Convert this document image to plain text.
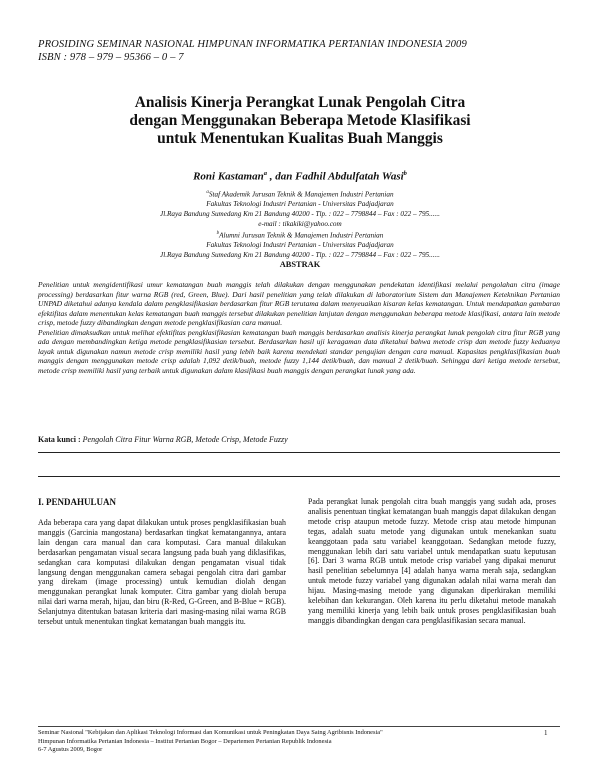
PROSIDING SEMINAR NASIONAL HIMPUNAN INFORMATIKA PERTANIAN INDONESIA 2009
ISBN : 978 – 979 – 95366 – 0 – 7
Analisis Kinerja Perangkat Lunak Pengolah Citra
dengan Menggunakan Beberapa Metode Klasifikasi
untuk Menentukan Kualitas Buah Manggis
Roni Kastaman$^a$ , dan Fadhil Abdulfatah Wasi$^b$
$^a$Staf Akademik Jurusan Teknik & Manajemen Industri Pertanian
Fakultas Teknologi Industri Pertanian - Universitas Padjadjaran
Jl.Raya Bandung Sumedang Km 21 Bandung 40200 - Tlp. : 022 – 7798844 – Fax : 022 – 795......
e-mail : tikakiki@yahoo.com
$^b$Alumni Jurusan Teknik & Manajemen Industri Pertanian
Fakultas Teknologi Industri Pertanian - Universitas Padjadjaran
Jl.Raya Bandung Sumedang Km 21 Bandung 40200 - Tlp. : 022 – 7798844 – Fax : 022 – 795......
ABSTRAK

Penelitian untuk mengidentifikasi umur kematangan buah manggis telah dilakukan dengan menggunakan pendekatan identifikasi melalui pengolahan citra (image processing) berdasarkan fitur warna RGB (red, Green, Blue). Dari hasil penelitian yang telah dilakukan di laboratorium Sistem dan Manajemen Keteknikan Pertanian UNPAD diketahui adanya kendala dalam pengklasifikasian berdasarkan fitur RGB terutama dalam menyeuaikan kisaran kelas kematangan. Untuk mendapatkan gambaran efektifitas dalam menentukan kelas kematangan buah manggis tersebut dilakukan penelitian lanjutan dengan menggunakan beberapa metode klasifikasi, antara lain metode crisp, metode fuzzy dibandingkan dengan metode pengklasifikasian cara manual.

Penelitian dimaksudkan untuk melihat efektifitas pengklasifikasian kematangan buah manggis berdasarkan analisis kinerja perangkat lunak pengolah citra fitur RGB yang ada dengan membandingkan ketiga metode pengklasifikasian tersebut. Berdasarkan hasil uji keragaman data diketahui bahwa metode crisp dan metode fuzzy keduanya layak untuk digunakan namun metode crisp memiliki hasil yang lebih baik karena mendekati standar pengujian dengan cara manual. Kapasitas pengklasifikasian buah manggis dengan menggunakan metode crisp adalah 1,092 detik/buah, metode fuzzy 1,144 detik/buah, dan manual 2 detik/buah. Sehingga dari ketiga metode tersebut, metode crisp memiliki hasil yang terbaik untuk digunakan dalam klasifikasi buah manggis dengan perangkat lunak yang ada.

Kata kunci : Pengolah Citra Fitur Warna RGB, Metode Crisp, Metode Fuzzy
I. PENDAHULUAN

Ada beberapa cara yang dapat dilakukan untuk proses pengklasifikasian buah manggis (Garcinia mangostana) berdasarkan tingkat kematangannya, antara lain dengan cara manual dan cara komputasi. Cara manual dilakukan berdasarkan pengamatan visual secara langsung pada buah yang diklasifikas, sedangkan cara komputasi dilakukan dengan pengamatan visual tidak langsung dengan menggunakan camera sebagai pengolah citra dari gambar yang direkam (image processing) untuk kemudian diolah dengan menggunakan perangkat lunak komputer. Citra gambar yang diolah berupa nilai dari warna merah, hijau, dan biru (R-Red, G-Green, and B-Blue = RGB). Selanjutnya ditentukan batasan kriteria dari masing-masing nilai warna RGB tersebut untuk menentukan tingkat kematangan buah manggis itu.

Pada perangkat lunak pengolah citra buah manggis yang sudah ada, proses analisis penentuan tingkat kematangan buah manggis dapat dilakukan dengan metode crisp ataupun metode fuzzy. Metode crisp atau metode himpunan tegas, adalah suatu metode yang digunakan untuk menekankan suatu keanggotaan pada satu variabel keanggotaan. Sedangkan metode fuzzy, menggunakan lebih dari satu variabel untuk mendapatkan suatu keputusan [6]. Dari 3 warna RGB untuk metode crisp variabel yang dipakai menurut hasil penelitian sebelumnya [4] adalah hanya warna merah saja, sedangkan untuk metode fuzzy variabel yang digunakan adalah nilai warna merah dan hijau. Masing-masing metode yang digunakan diperkirakan memiliki kelebihan dan kekurangan. Oleh karena itu perlu diketahui metode manakah yang memiliki kinerja yang lebih baik untuk proses pengklasifikasian buah manggis dibandingkan dengan cara pengklasifikasian secara manual.

Seminar Nasional "Kebijakan dan Aplikasi Teknologi Informasi dan Komunikasi untuk Peningkatan Daya Saing Agribisnis Indonesia"
Himpunan Informatika Pertanian Indonesia – Institut Pertanian Bogor – Departemen Pertanian Republik Indonesia
6-7 Agustus 2009, Bogor
1
